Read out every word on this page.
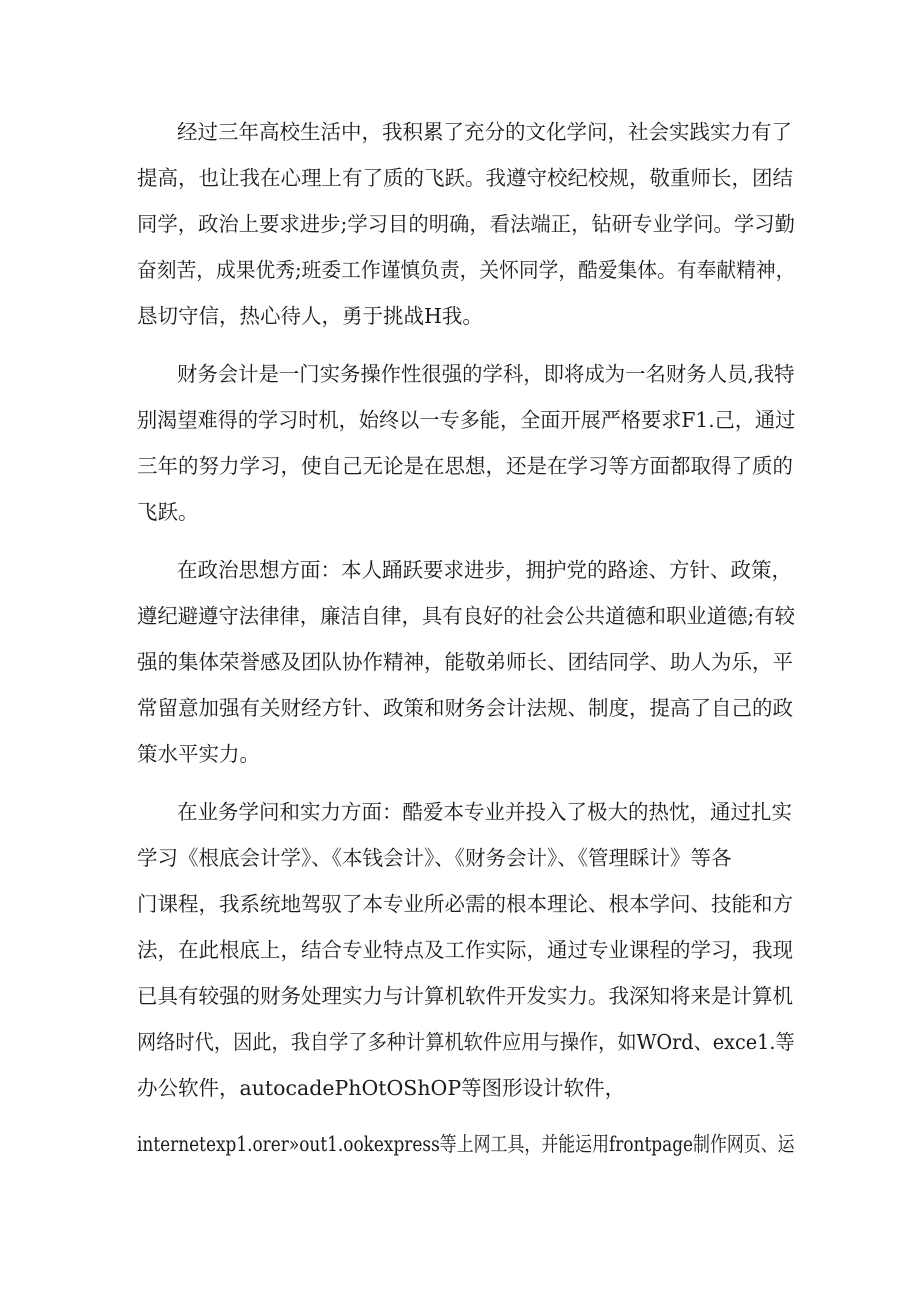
经过三年高校生活中，我积累了充分的文化学问，社会实践实力有了

提高，也让我在心理上有了质的飞跃。我遵守校纪校规，敬重师长，团结

同学，政治上要求进步;学习目的明确，看法端正，钻研专业学问。学习勤

奋刻苦，成果优秀;班委工作谨慎负责，关怀同学，酷爱集体。有奉献精神，

恳切守信，热心待人，勇于挑战H我。

财务会计是一门实务操作性很强的学科，即将成为一名财务人员,我特

别渴望难得的学习时机，始终以一专多能，全面开展严格要求F1.己，通过

三年的努力学习，使自己无论是在思想，还是在学习等方面都取得了质的

飞跃。

在政治思想方面：本人踊跃要求进步，拥护党的路途、方针、政策，

遵纪避遵守法律律，廉洁自律，具有良好的社会公共道德和职业道德;有较

强的集体荣誉感及团队协作精神，能敬弟师长、团结同学、助人为乐，平

常留意加强有关财经方针、政策和财务会计法规、制度，提高了自己的政

策水平实力。

在业务学问和实力方面：酷爱本专业并投入了极大的热忱，通过扎实

学习《根底会计学》、《本钱会计》、《财务会计》、《管理睬计》等各

门课程，我系统地驾驭了本专业所必需的根本理论、根本学问、技能和方

法，在此根底上，结合专业特点及工作实际，通过专业课程的学习，我现

已具有较强的财务处理实力与计算机软件开发实力。我深知将来是计算机

网络时代，因此，我自学了多种计算机软件应用与操作，如WOrd、exce1.等

办公软件，autocadePhOtOShOP等图形设计软件，

internetexp1.orer»out1.ookexpress等上网工具，并能运用frontpage制作网页、运
